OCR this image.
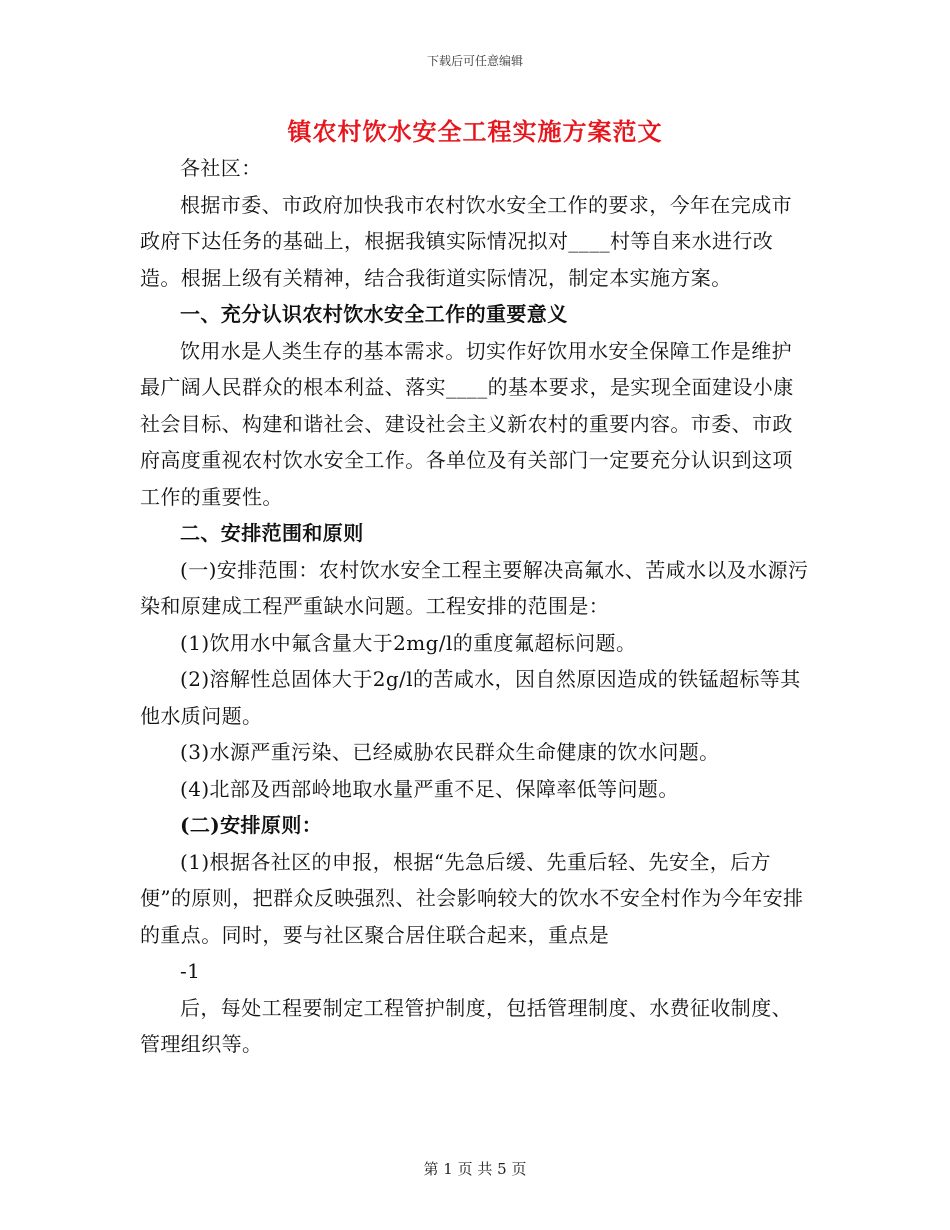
下载后可任意编辑
镇农村饮水安全工程实施方案范文

各社区：

根据市委、市政府加快我市农村饮水安全工作的要求，今年在完成市政府下达任务的基础上，根据我镇实际情况拟对____村等自来水进行改造。根据上级有关精神，结合我街道实际情况，制定本实施方案。

一、充分认识农村饮水安全工作的重要意义

饮用水是人类生存的基本需求。切实作好饮用水安全保障工作是维护最广阔人民群众的根本利益、落实____的基本要求，是实现全面建设小康社会目标、构建和谐社会、建设社会主义新农村的重要内容。市委、市政府高度重视农村饮水安全工作。各单位及有关部门一定要充分认识到这项工作的重要性。

二、安排范围和原则

(一)安排范围：农村饮水安全工程主要解决高氟水、苦咸水以及水源污染和原建成工程严重缺水问题。工程安排的范围是：

(1)饮用水中氟含量大于2mg/l的重度氟超标问题。

(2)溶解性总固体大于2g/l的苦咸水，因自然原因造成的铁锰超标等其他水质问题。

(3)水源严重污染、已经威胁农民群众生命健康的饮水问题。

(4)北部及西部岭地取水量严重不足、保障率低等问题。

(二)安排原则：

(1)根据各社区的申报，根据“先急后缓、先重后轻、先安全，后方便”的原则，把群众反映强烈、社会影响较大的饮水不安全村作为今年安排的重点。同时，要与社区聚合居住联合起来，重点是

-1

后，每处工程要制定工程管护制度，包括管理制度、水费征收制度、管理组织等。

第 1 页 共 5 页
